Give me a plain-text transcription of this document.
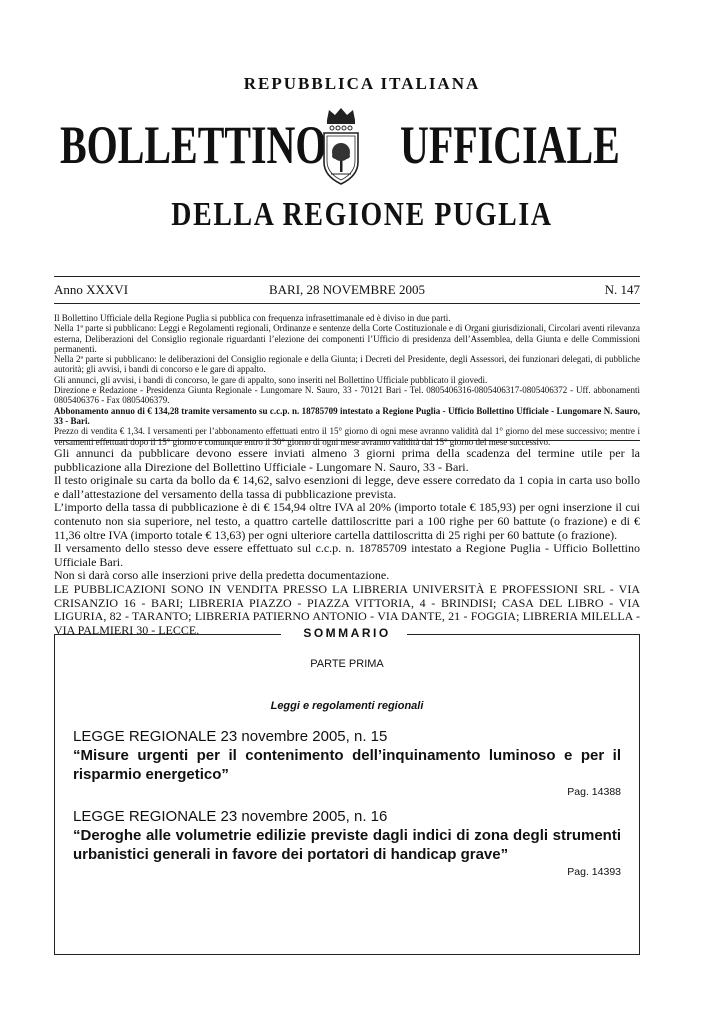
REPUBBLICA ITALIANA
BOLLETTINO UFFICIALE
DELLA REGIONE PUGLIA
Anno XXXVI	BARI, 28 NOVEMBRE 2005	N. 147

Il Bollettino Ufficiale della Regione Puglia si pubblica con frequenza infrasettimanale ed è diviso in due parti.

Nella 1ª parte si pubblicano: Leggi e Regolamenti regionali, Ordinanze e sentenze della Corte Costituzionale e di Organi giurisdizionali, Circolari aventi rilevanza esterna, Deliberazioni del Consiglio regionale riguardanti l’elezione dei componenti l’Ufficio di presidenza dell’Assemblea, della Giunta e delle Commissioni permanenti.

Nella 2ª parte si pubblicano: le deliberazioni del Consiglio regionale e della Giunta; i Decreti del Presidente, degli Assessori, dei funzionari delegati, di pubbliche autorità; gli avvisi, i bandi di concorso e le gare di appalto.

Gli annunci, gli avvisi, i bandi di concorso, le gare di appalto, sono inseriti nel Bollettino Ufficiale pubblicato il giovedì.

Direzione e Redazione - Presidenza Giunta Regionale - Lungomare N. Sauro, 33 - 70121 Bari - Tel. 0805406316-0805406317-0805406372 - Uff. abbonamenti 0805406376 - Fax 0805406379.

Abbonamento annuo di € 134,28 tramite versamento su c.c.p. n. 18785709 intestato a Regione Puglia - Ufficio Bollettino Ufficiale - Lungomare N. Sauro, 33 - Bari.

Prezzo di vendita € 1,34. I versamenti per l’abbonamento effettuati entro il 15° giorno di ogni mese avranno validità dal 1° giorno del mese successivo; mentre i versamenti effettuati dopo il 15° giorno e comunque entro il 30° giorno di ogni mese avranno validità dal 15° giorno del mese successivo.

Gli annunci da pubblicare devono essere inviati almeno 3 giorni prima della scadenza del termine utile per la pubblicazione alla Direzione del Bollettino Ufficiale - Lungomare N. Sauro, 33 - Bari.

Il testo originale su carta da bollo da € 14,62, salvo esenzioni di legge, deve essere corredato da 1 copia in carta uso bollo e dall’attestazione del versamento della tassa di pubblicazione prevista.

L’importo della tassa di pubblicazione è di € 154,94 oltre IVA al 20% (importo totale € 185,93) per ogni inserzione il cui contenuto non sia superiore, nel testo, a quattro cartelle dattiloscritte pari a 100 righe per 60 battute (o frazione) e di € 11,36 oltre IVA (importo totale € 13,63) per ogni ulteriore cartella dattiloscritta di 25 righi per 60 battute (o frazione).

Il versamento dello stesso deve essere effettuato sul c.c.p. n. 18785709 intestato a Regione Puglia - Ufficio Bollettino Ufficiale Bari.

Non si darà corso alle inserzioni prive della predetta documentazione.

LE PUBBLICAZIONI SONO IN VENDITA PRESSO LA LIBRERIA UNIVERSITÀ E PROFESSIONI SRL - VIA CRISANZIO 16 - BARI; LIBRERIA PIAZZO - PIAZZA VITTORIA, 4 - BRINDISI; CASA DEL LIBRO - VIA LIGURIA, 82 - TARANTO; LIBRERIA PATIERNO ANTONIO - VIA DANTE, 21 - FOGGIA; LIBRERIA MILELLA - VIA PALMIERI 30 - LECCE.	SOMMARIO
PARTE PRIMA
Leggi e regolamenti regionali
LEGGE REGIONALE 23 novembre 2005, n. 15
“Misure urgenti per il contenimento dell’inquinamento luminoso e per il risparmio energetico”
Pag. 14388
LEGGE REGIONALE 23 novembre 2005, n. 16
“Deroghe alle volumetrie edilizie previste dagli indici di zona degli strumenti urbanistici generali in favore dei portatori di handicap grave”
Pag. 14393
